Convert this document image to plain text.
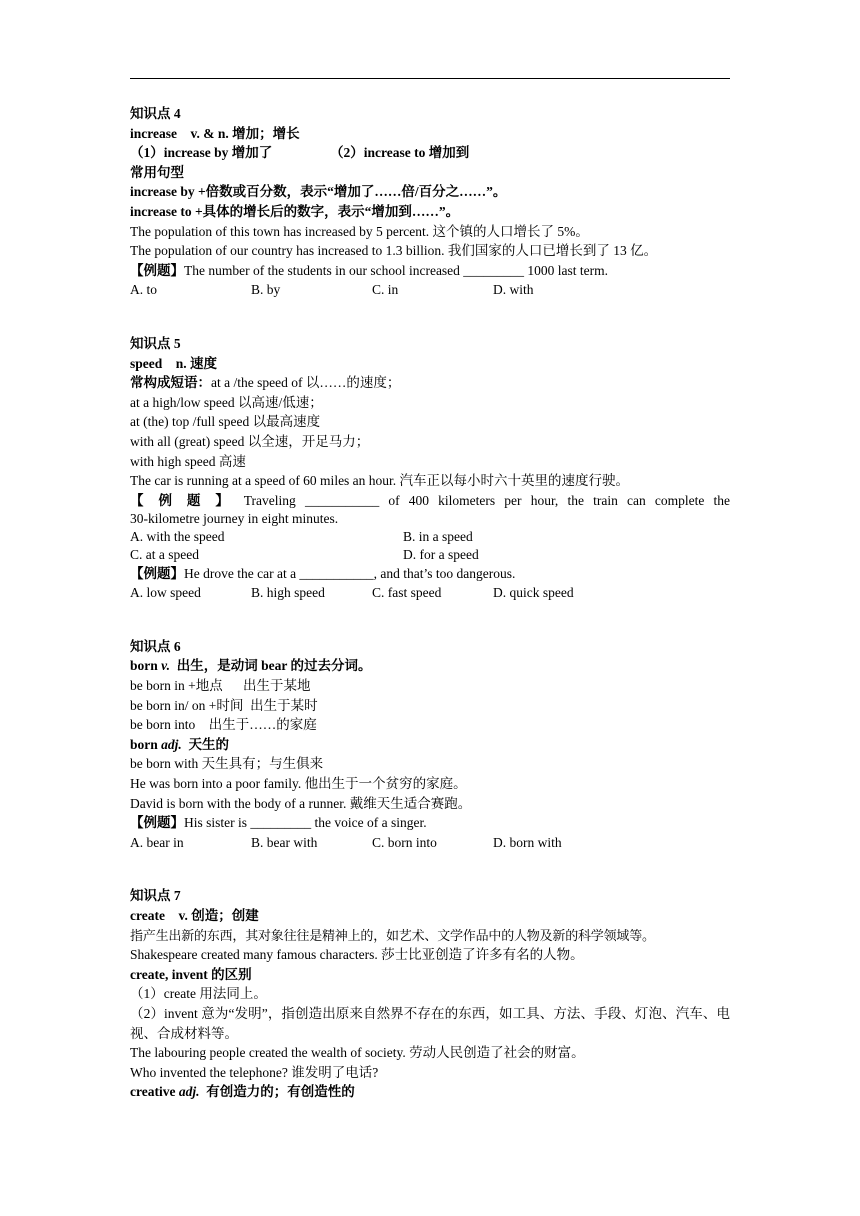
知识点 4
increase v. & n. 增加；增长
（1）increase by 增加了	（2）increase to 增加到
常用句型
increase by +倍数或百分数，表示“增加了……倍/百分之……”。
increase to +具体的增长后的数字，表示“增加到……”。
The population of this town has increased by 5 percent. 这个镇的人口增长了 5%。
The population of our country has increased to 1.3 billion. 我们国家的人口已增长到了 13 亿。
【例题】The number of the students in our school increased _________ 1000 last term.
A. to	B. by	C. in	D. with
知识点 5
speed n. 速度
常构成短语：at a /the speed of 以……的速度；
at a high/low speed 以高速/低速；
at (the) top /full speed 以最高速度
with all (great) speed 以全速，开足马力；
with high speed 高速
The car is running at a speed of 60 miles an hour. 汽车正以每小时六十英里的速度行驶。
【 例 题 】 Traveling ___________ of 400 kilometers per hour, the train can complete the
30-kilometre journey in eight minutes.
A. with the speed	B. in a speed
C. at a speed	D. for a speed
【例题】He drove the car at a ___________, and that’s too dangerous.
A. low speed	B. high speed	C. fast speed	D. quick speed
知识点 6
born v. 出生，是动词 bear 的过去分词。
be born in +地点      出生于某地
be born in/ on +时间  出生于某时
be born into    出生于……的家庭
born adj. 天生的
be born with 天生具有；与生俱来
He was born into a poor family. 他出生于一个贫穷的家庭。
David is born with the body of a runner. 戴维天生适合赛跑。
【例题】His sister is _________ the voice of a singer.
A. bear in	B. bear with	C. born into	D. born with
知识点 7
create v. 创造；创建
指产生出新的东西，其对象往往是精神上的，如艺术、文学作品中的人物及新的科学领域等。
Shakespeare created many famous characters. 莎士比亚创造了许多有名的人物。
create, invent 的区别
（1）create 用法同上。
（2）invent 意为“发明”，指创造出原来自然界不存在的东西，如工具、方法、手段、灯泡、汽车、电视、合成材料等。
The labouring people created the wealth of society. 劳动人民创造了社会的财富。
Who invented the telephone? 谁发明了电话?
creative adj. 有创造力的；有创造性的
